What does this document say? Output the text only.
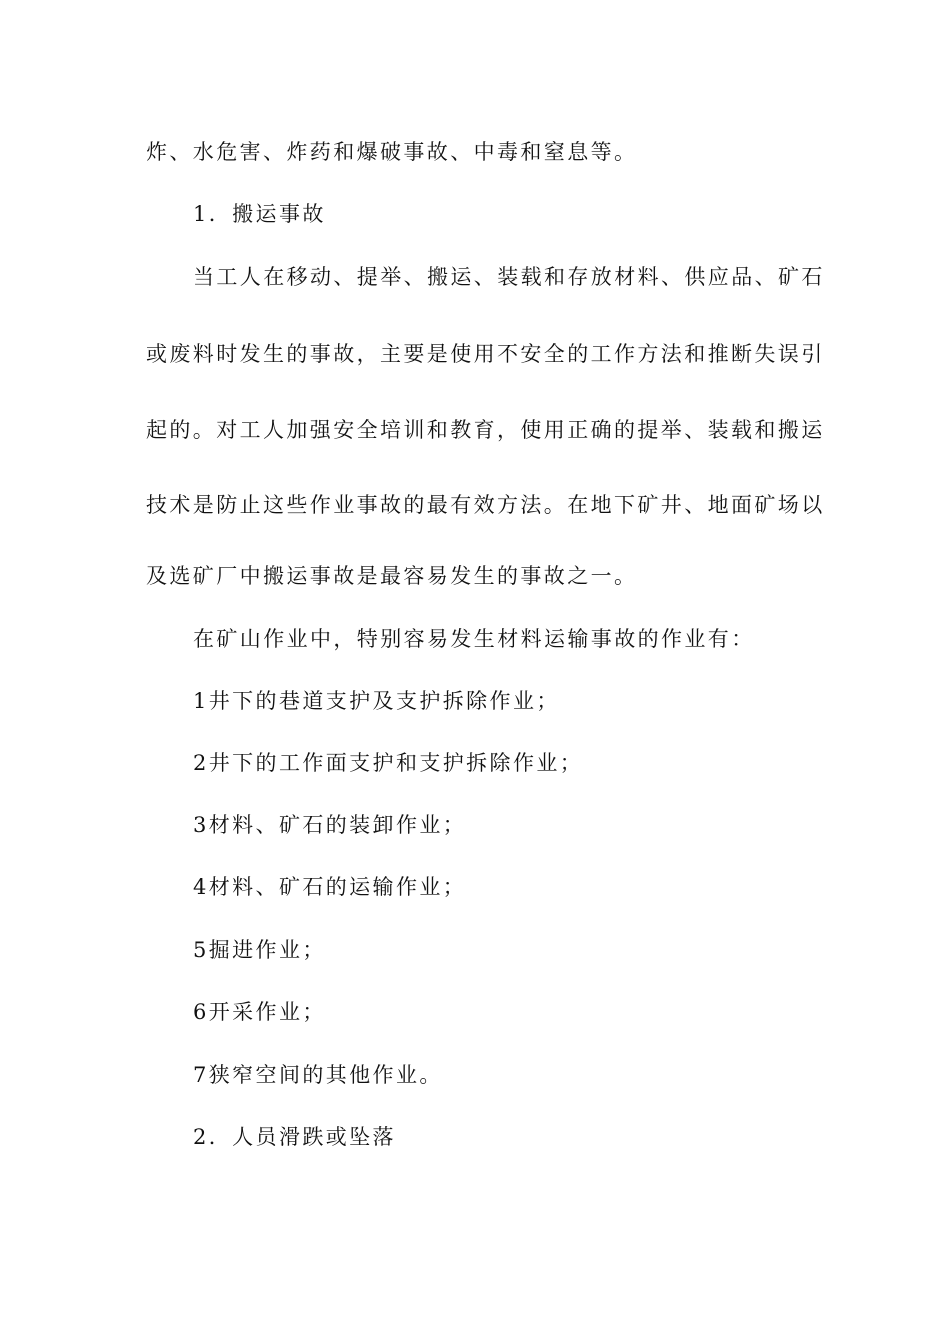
炸、水危害、炸药和爆破事故、中毒和窒息等。
1．搬运事故
当工人在移动、提举、搬运、装载和存放材料、供应品、矿石
或废料时发生的事故，主要是使用不安全的工作方法和推断失误引
起的。对工人加强安全培训和教育，使用正确的提举、装载和搬运
技术是防止这些作业事故的最有效方法。在地下矿井、地面矿场以
及选矿厂中搬运事故是最容易发生的事故之一。
在矿山作业中，特别容易发生材料运输事故的作业有：
1井下的巷道支护及支护拆除作业；
2井下的工作面支护和支护拆除作业；
3材料、矿石的装卸作业；
4材料、矿石的运输作业；
5掘进作业；
6开采作业；
7狭窄空间的其他作业。
2．人员滑跌或坠落
